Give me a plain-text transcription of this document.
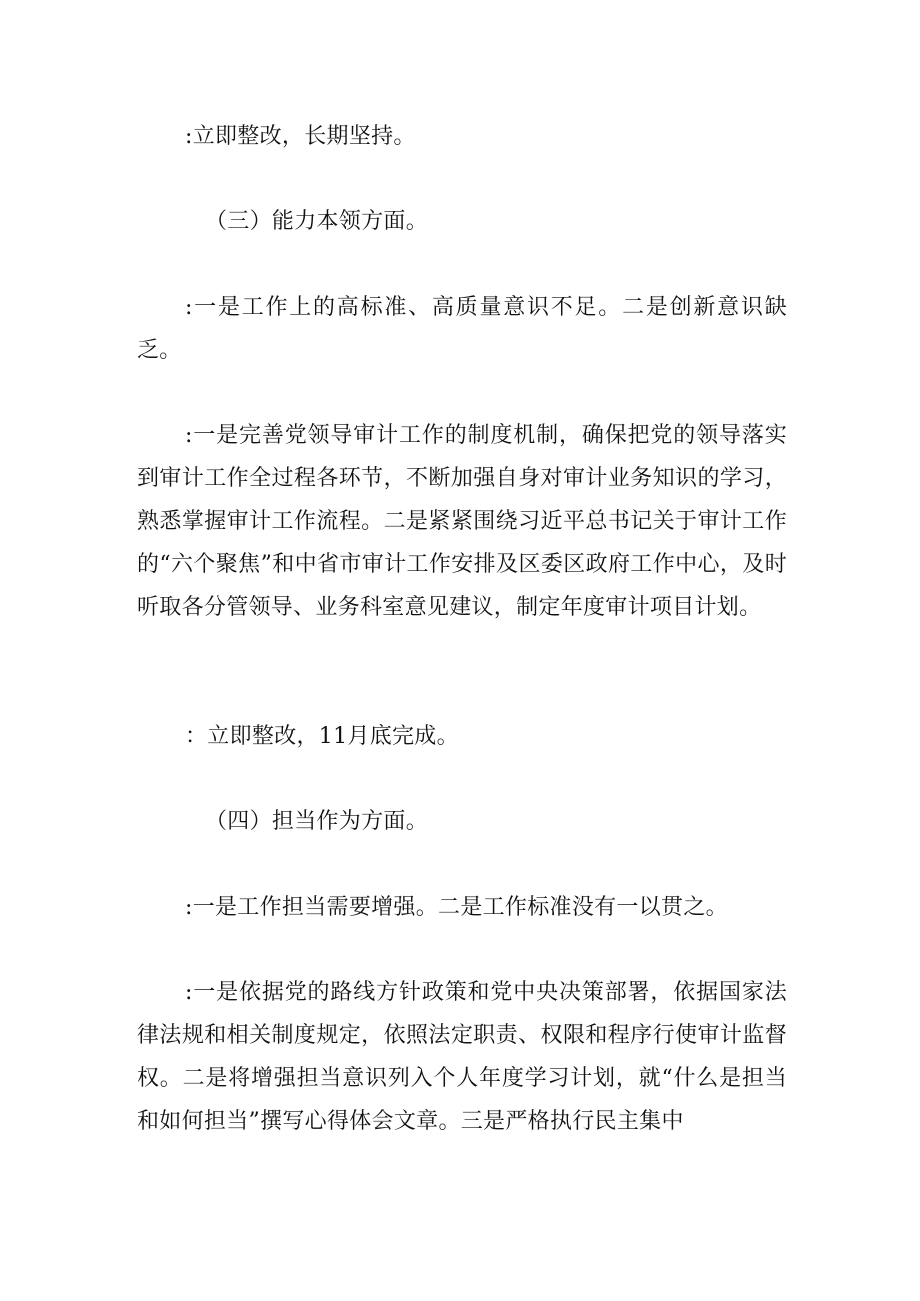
:立即整改，长期坚持。

（三）能力本领方面。

:一是工作上的高标准、高质量意识不足。二是创新意识缺乏。

:一是完善党领导审计工作的制度机制，确保把党的领导落实到审计工作全过程各环节，不断加强自身对审计业务知识的学习，熟悉掌握审计工作流程。二是紧紧围绕习近平总书记关于审计工作的“六个聚焦”和中省市审计工作安排及区委区政府工作中心，及时听取各分管领导、业务科室意见建议，制定年度审计项目计划。

：立即整改，11月底完成。

（四）担当作为方面。

:一是工作担当需要增强。二是工作标准没有一以贯之。

:一是依据党的路线方针政策和党中央决策部署，依据国家法律法规和相关制度规定，依照法定职责、权限和程序行使审计监督权。二是将增强担当意识列入个人年度学习计划，就“什么是担当和如何担当”撰写心得体会文章。三是严格执行民主集中
